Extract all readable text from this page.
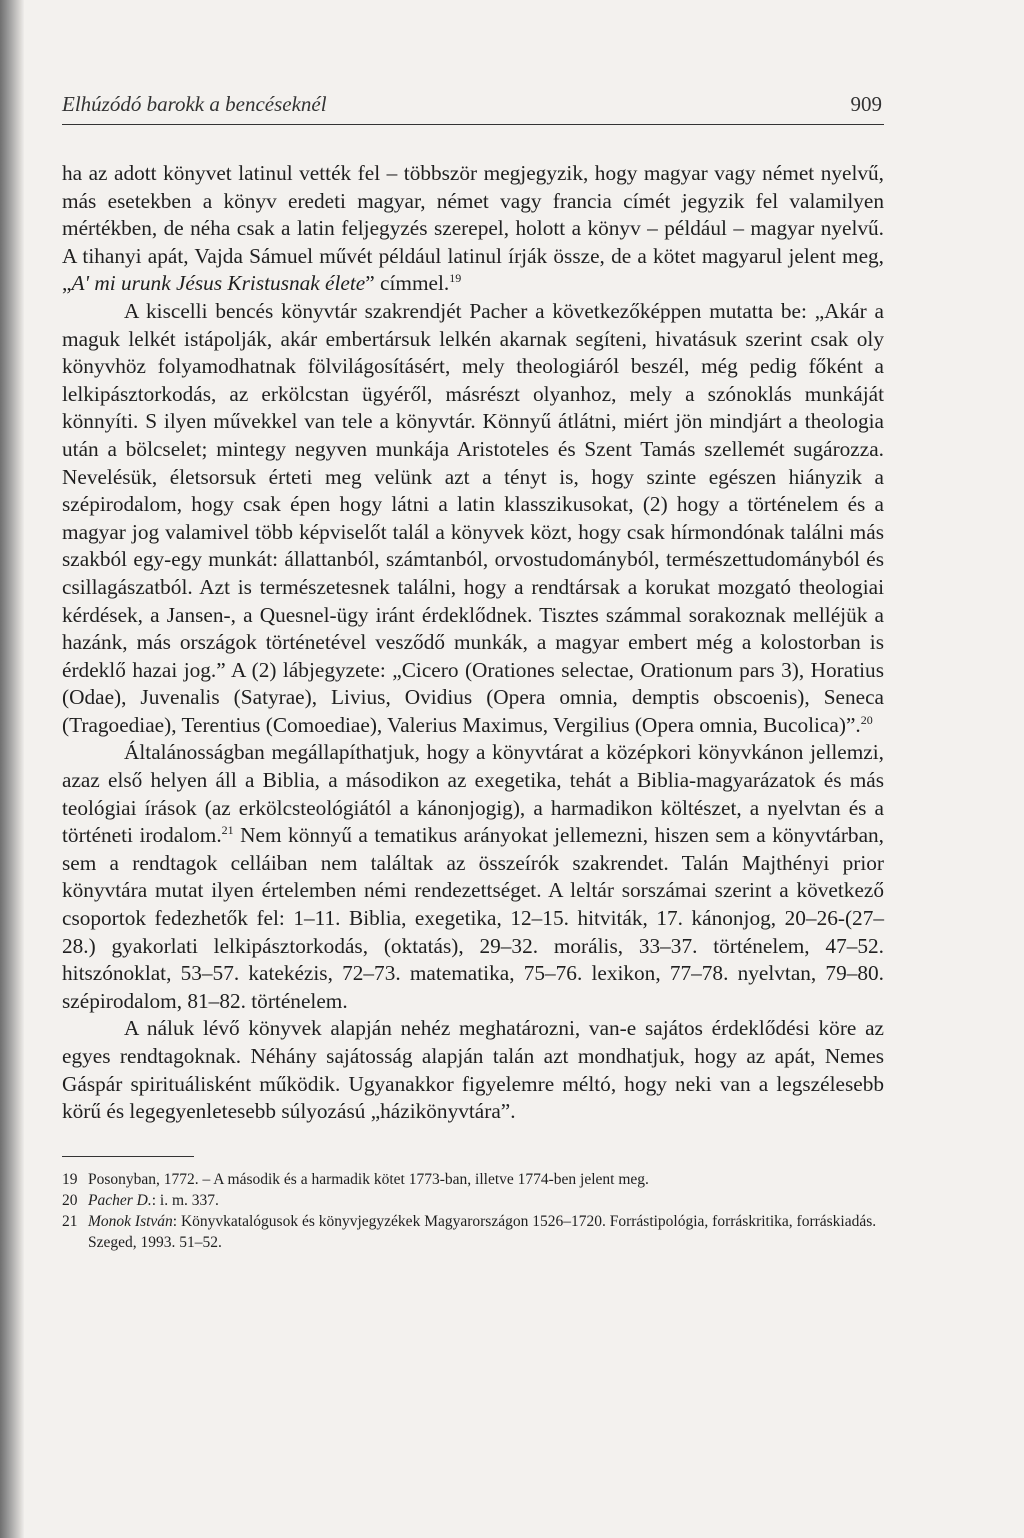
Elhúzódó barokk a bencéseknél	909

ha az adott könyvet latinul vették fel – többször megjegyzik, hogy magyar vagy német nyelvű, más esetekben a könyv eredeti magyar, német vagy francia címét jegyzik fel valamilyen mértékben, de néha csak a latin feljegyzés szerepel, holott a könyv – például – magyar nyelvű. A tihanyi apát, Vajda Sámuel művét például latinul írják össze, de a kötet magyarul jelent meg, „A' mi urunk Jésus Kristusnak élete” címmel.$^{19}$

A kiscelli bencés könyvtár szakrendjét Pacher a következőképpen mutatta be: „Akár a maguk lelkét istápolják, akár embertársuk lelkén akarnak segíteni, hivatásuk szerint csak oly könyvhöz folyamodhatnak fölvilágosításért, mely theologiáról beszél, még pedig főként a lelkipásztorkodás, az erkölcstan ügyéről, másrészt olyanhoz, mely a szónoklás munkáját könnyíti. S ilyen művekkel van tele a könyvtár. Könnyű átlátni, miért jön mindjárt a theologia után a bölcselet; mintegy negyven munkája Aristoteles és Szent Tamás szellemét sugározza. Nevelésük, életsorsuk érteti meg velünk azt a tényt is, hogy szinte egészen hiányzik a szépirodalom, hogy csak épen hogy látni a latin klasszikusokat, (2) hogy a történelem és a magyar jog valamivel több képviselőt talál a könyvek közt, hogy csak hírmondónak találni más szakból egy-egy munkát: állattanból, számtanból, orvostudományból, természettudományból és csillagászatból. Azt is természetesnek találni, hogy a rendtársak a korukat mozgató theologiai kérdések, a Jansen-, a Quesnel-ügy iránt érdeklődnek. Tisztes számmal sorakoznak melléjük a hazánk, más országok történetével vesződő munkák, a magyar embert még a kolostorban is érdeklő hazai jog.” A (2) lábjegyzete: „Cicero (Orationes selectae, Orationum pars 3), Horatius (Odae), Juvenalis (Satyrae), Livius, Ovidius (Opera omnia, demptis obscoenis), Seneca (Tragoediae), Terentius (Comoediae), Valerius Maximus, Vergilius (Opera omnia, Bucolica)”.$^{20}$

Általánosságban megállapíthatjuk, hogy a könyvtárat a középkori könyvkánon jellemzi, azaz első helyen áll a Biblia, a másodikon az exegetika, tehát a Biblia-magyarázatok és más teológiai írások (az erkölcsteológiától a kánonjogig), a harmadikon költészet, a nyelvtan és a történeti irodalom.$^{21}$ Nem könnyű a tematikus arányokat jellemezni, hiszen sem a könyvtárban, sem a rendtagok celláiban nem találtak az összeírók szakrendet. Talán Majthényi prior könyvtára mutat ilyen értelemben némi rendezettséget. A leltár sorszámai szerint a következő csoportok fedezhetők fel: 1–11. Biblia, exegetika, 12–15. hitviták, 17. kánonjog, 20–26-(27–28.) gyakorlati lelkipásztorkodás, (oktatás), 29–32. morális, 33–37. történelem, 47–52. hitszónoklat, 53–57. katekézis, 72–73. matematika, 75–76. lexikon, 77–78. nyelvtan, 79–80. szépirodalom, 81–82. történelem.

A náluk lévő könyvek alapján nehéz meghatározni, van-e sajátos érdeklődési köre az egyes rendtagoknak. Néhány sajátosság alapján talán azt mondhatjuk, hogy az apát, Nemes Gáspár spirituálisként működik. Ugyanakkor figyelemre méltó, hogy neki van a legszélesebb körű és legegyenletesebb súlyozású „házikönyvtára”.

19 Posonyban, 1772. – A második és a harmadik kötet 1773-ban, illetve 1774-ben jelent meg.
20 Pacher D.: i. m. 337.
21 Monok István: Könyvkatalógusok és könyvjegyzékek Magyarországon 1526–1720. Forrástipológia, forráskritika, forráskiadás. Szeged, 1993. 51–52.
